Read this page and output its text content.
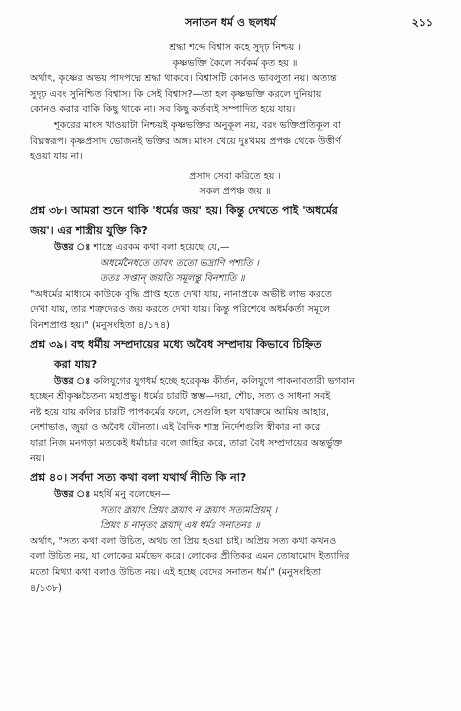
সনাতন ধর্ম ও ছলধর্ম	২১১
শ্রদ্ধা শব্দে বিশ্বাস কহে সুদৃঢ় নিশ্চয় ।
কৃষ্ণভক্তি কৈলে সর্বকর্ম কৃত হয় ॥
অর্থাৎ, কৃষ্ণের অভয় পাদপদ্মে শ্রদ্ধা থাকবে। বিশ্বাসটি কোনও ভাবলুতা নয়। অত্যন্ত
সুদৃঢ় এবং সুনিশ্চিত বিশ্বাস। কি সেই বিশ্বাস?—তা হল কৃষ্ণভক্তি করলে দুনিয়ায়
কোনও করার বাকি কিছু থাকে না। সব কিছু কর্তব্যই সম্পাদিত হয়ে যায়।
শূকরের মাংস খাওয়াটা নিশ্চয়ই কৃষ্ণভক্তির অনুকূল নয়, বরং ভক্তিপ্রতিকূল বা
বিঘ্নস্বরূপ। কৃষ্ণপ্রসাদ ভোজনই ভক্তির অঙ্গ। মাংস খেয়ে দুঃখময় প্রপঞ্চ থেকে উত্তীর্ণ
হওয়া যায় না।
প্রসাদ সেবা করিতে হয় ।
সকল প্রপঞ্চ জয় ॥
প্রশ্ন ৩৮। আমরা শুনে থাকি 'ধর্মের জয়' হয়। কিন্তু দেখতে পাই 'অধর্মের
জয়'। এর শাস্ত্রীয় যুক্তি কি?
উত্তর ঃ শাস্ত্রে এরকম কথা বলা হয়েছে যে,—
অধর্মেনৈধতে তাবৎ ততো ভদ্রাণি পশ্যতি ।
ততঃ সপ্তান্ জয়তি সমূলন্তু বিনশ্যতি ॥
"অধর্মের মাধ্যমে কাউকে বৃদ্ধি প্রাপ্ত হতে দেখা যায়, নানাপ্রকে অভীষ্ট লাভ করতে
দেখা যায়, তার শত্রুদেরও জয় করতে দেখা যায়। কিন্তু পরিশেষে অধর্মকর্তা সমূলে
বিনশপ্রাপ্ত হয়।" (মনুসংহিতা ৪/১৭৪)
প্রশ্ন ৩৯। বহু ধর্মীয় সম্প্রদায়ের মধ্যে অবৈধ সম্প্রদায় কিভাবে চিহ্নিত
করা যায়?
উত্তর ঃ কলিযুগের যুগধর্ম হচ্ছে হরেকৃষ্ণ কীর্তন, কলিযুগে পাকনাবতারী ভগবান
হচ্ছেন শ্রীকৃষ্ণচৈতন্য মহাপ্রভু। ধর্মের চারটি স্তম্ভ—দয়া, শৌচ, সত্য ও সাধনা সবই
নষ্ট হয়ে যায় কলির চারটি পাপকর্মের ফলে, সেগুলি হল যথাক্রমে আমিষ আহার,
নেশাভাঙ, জুয়া ও অবৈধ যৌনতা। এই বৈদিক শাস্ত্র নির্দেশগুলি স্বীকার না করে
যারা নিজ মনগড়া মতকেই ধর্মাচার বলে জাহির করে, তারা বৈধ সম্প্রদায়ের অন্তর্ভুক্ত
নয়।
প্রশ্ন ৪০। সর্বদা সত্য কথা বলা যথার্থ নীতি কি না?
উত্তর ঃ মহর্ষি মনু বলেছেন—
সত্যং ব্রূয়াৎ প্রিয়ং ব্রূয়াৎ ন ব্রূয়াৎ সত্যমপ্রিয়ম্ ।
প্রিয়ং চ নানৃতং ব্রূয়াদ্ এষ ধর্মঃ সনাতনঃ ॥
অর্থাৎ, "সত্য কথা বলা উচিত, অথচ তা প্রিয় হওয়া চাই। অপ্রিয় সত্য কথা কখনও
বলা উচিত নয়, যা লোকের মর্মভেদ করে। লোকের প্রীতিকর এমন তোষামোদ ইত্যাদির
মতো মিথ্যা কথা বলাও উচিত নয়। এই হচ্ছে বেদের সনাতন ধর্ম।" (মনুসংহিতা
৪/১৩৮)
